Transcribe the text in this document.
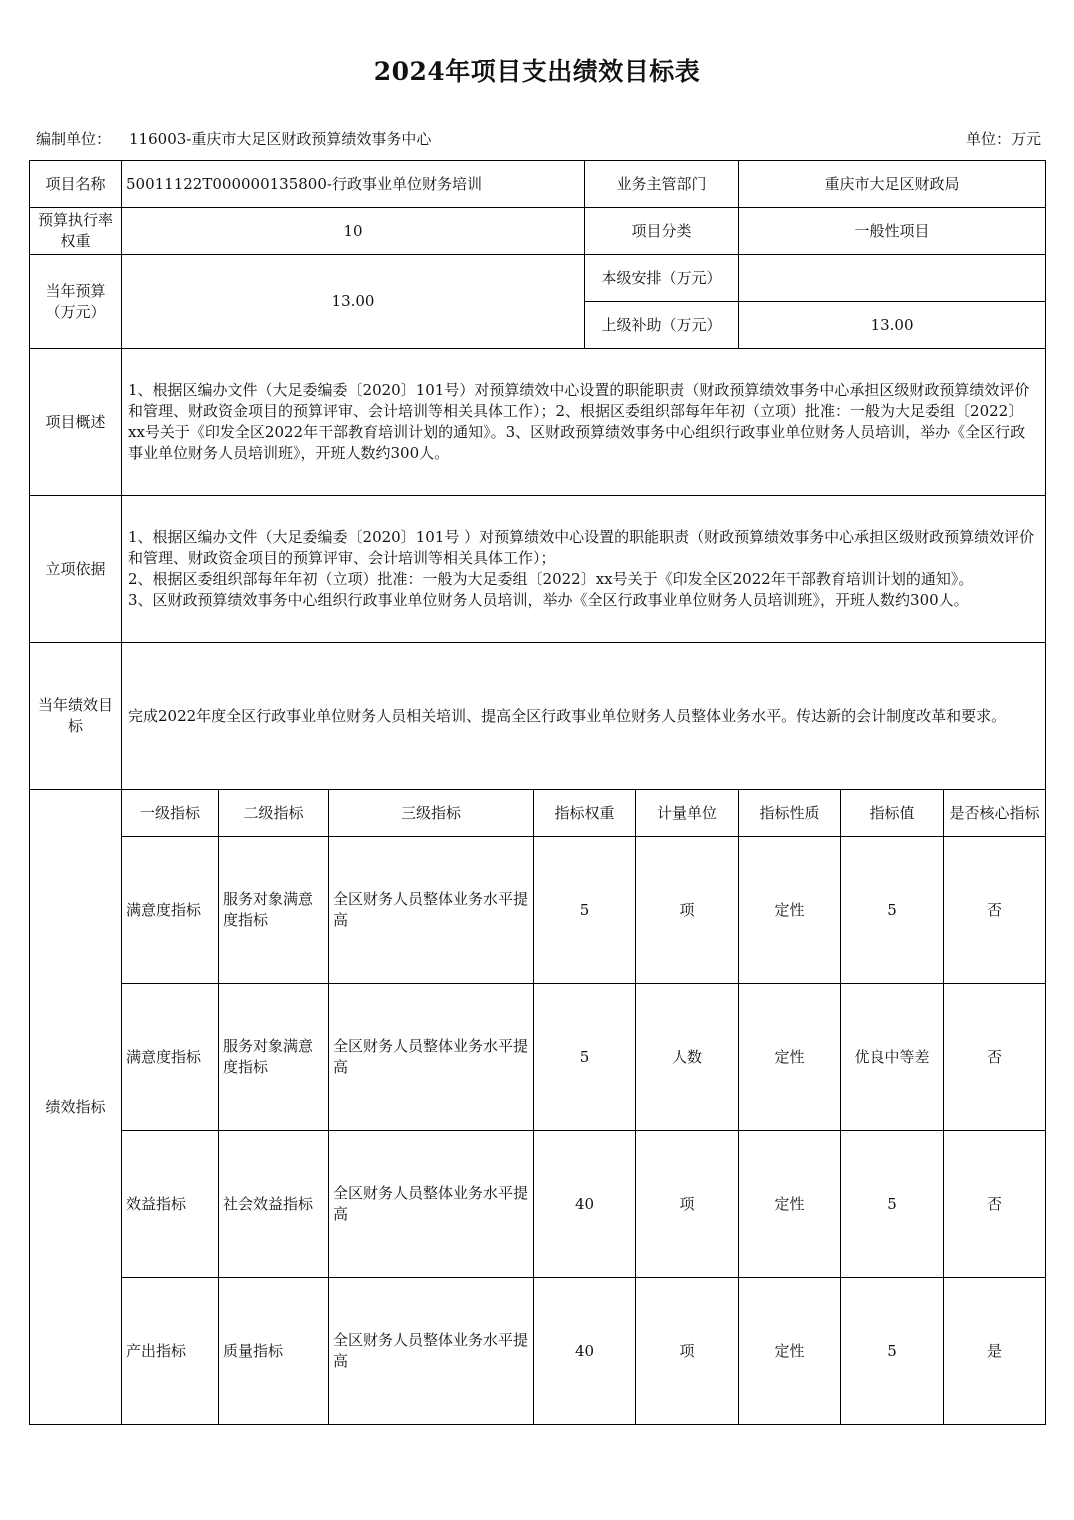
2024年项目支出绩效目标表
编制单位： 116003-重庆市大足区财政预算绩效事务中心	单位：万元
项目名称	50011122T000000135800-行政事业单位财务培训				业务主管部门		重庆市大足区财政局		
预算执行率权重	10				项目分类		一般性项目		
当年预算（万元）	13.00				本级安排（万元）				
					上级补助（万元）		13.00		
项目概述	1、根据区编办文件（大足委编委〔2020〕101号）对预算绩效中心设置的职能职责（财政预算绩效事务中心承担区级财政预算绩效评价和管理、财政资金项目的预算评审、会计培训等相关具体工作）；2、根据区委组织部每年年初（立项）批准：一般为大足委组〔2022〕xx号关于《印发全区2022年干部教育培训计划的通知》。3、区财政预算绩效事务中心组织行政事业单位财务人员培训，举办《全区行政事业单位财务人员培训班》，开班人数约300人。								
立项依据	1、根据区编办文件（大足委编委〔2020〕101号 ）对预算绩效中心设置的职能职责（财政预算绩效事务中心承担区级财政预算绩效评价和管理、财政资金项目的预算评审、会计培训等相关具体工作）；
2、根据区委组织部每年年初（立项）批准：一般为大足委组〔2022〕xx号关于《印发全区2022年干部教育培训计划的通知》。
3、区财政预算绩效事务中心组织行政事业单位财务人员培训，举办《全区行政事业单位财务人员培训班》，开班人数约300人。								

当年绩效目标	完成2022年度全区行政事业单位财务人员相关培训、提高全区行政事业单位财务人员整体业务水平。传达新的会计制度改革和要求。								
绩效指标	一级指标	二级指标	三级指标	指标权重		计量单位	指标性质	指标值	是否核心指标
	满意度指标	服务对象满意度指标	全区财务人员整体业务水平提高	5		项	定性	5	否
	满意度指标	服务对象满意度指标	全区财务人员整体业务水平提高	5		人数	定性	优良中等差	否
	效益指标	社会效益指标	全区财务人员整体业务水平提高	40		项	定性	5	否
	产出指标	质量指标	全区财务人员整体业务水平提高	40		项	定性	5	是
